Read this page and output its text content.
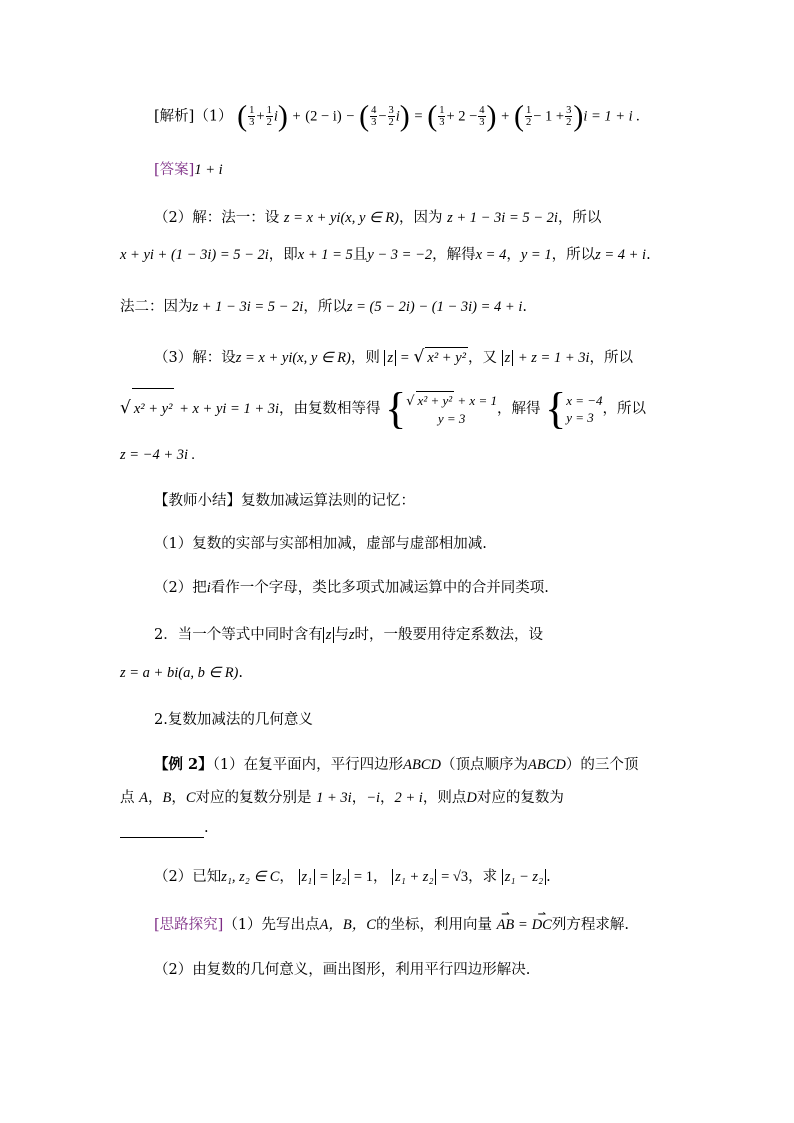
[解析]（1） ( $\frac{1}{3} + \frac{1}{2} i) + (2 - i)$ − ( $\frac{4}{3} - \frac{3}{2} i$) = ( $\frac{1}{3} + 2 - \frac{4}{3}$ ) + ( $\frac{1}{2} - 1 + \frac{3}{2} )i = 1 + i$ .
[答案]1 + i
（2）解：法一：设 z = x + yi(x, y ∈ R)，因为 z + 1 − 3i = 5 − 2i，所以
x + yi + (1 − 3i) = 5 − 2i，即x + 1 = 5且y − 3 = −2，解得x = 4，y = 1，所以z = 4 + i.
法二：因为z + 1 − 3i = 5 − 2i，所以z = (5 − 2i) − (1 − 3i) = 4 + i.
（3）解：设z = x + yi(x, y ∈ R)，则 z = √ x² + y² ，又 z + z = 1 + 3i，所以
√ x² + y² + x + yi = 1 + 3i，由复数相等得 { √ x² + y² + x = 1
y = 3
，解得 { x = −4
y = 3
，所以
z = −4 + 3i .
【教师小结】复数加减运算法则的记忆：
（1）复数的实部与实部相加减，虚部与虚部相加减.
（2）把i看作一个字母，类比多项式加减运算中的合并同类项.
2．当一个等式中同时含有 z 与z时，一般要用待定系数法，设
z = a + bi(a, b ∈ R).
2.复数加减法的几何意义
【例 2】（1）在复平面内，平行四边形ABCD（顶点顺序为ABCD）的三个顶
点 A，B，C对应的复数分别是 1 + 3i，−i，2 + i，则点D对应的复数为
.
（2）已知z₁, z₂ ∈ C， z₁ = z₂ = 1， z₁ + z₂ = √3，求 z₁ − z₂ .
[思路探究]（1）先写出点A，B，C的坐标，利用向量 ⇀ AB = ⇀ DC列方程求解.
（2）由复数的几何意义，画出图形，利用平行四边形解决.
